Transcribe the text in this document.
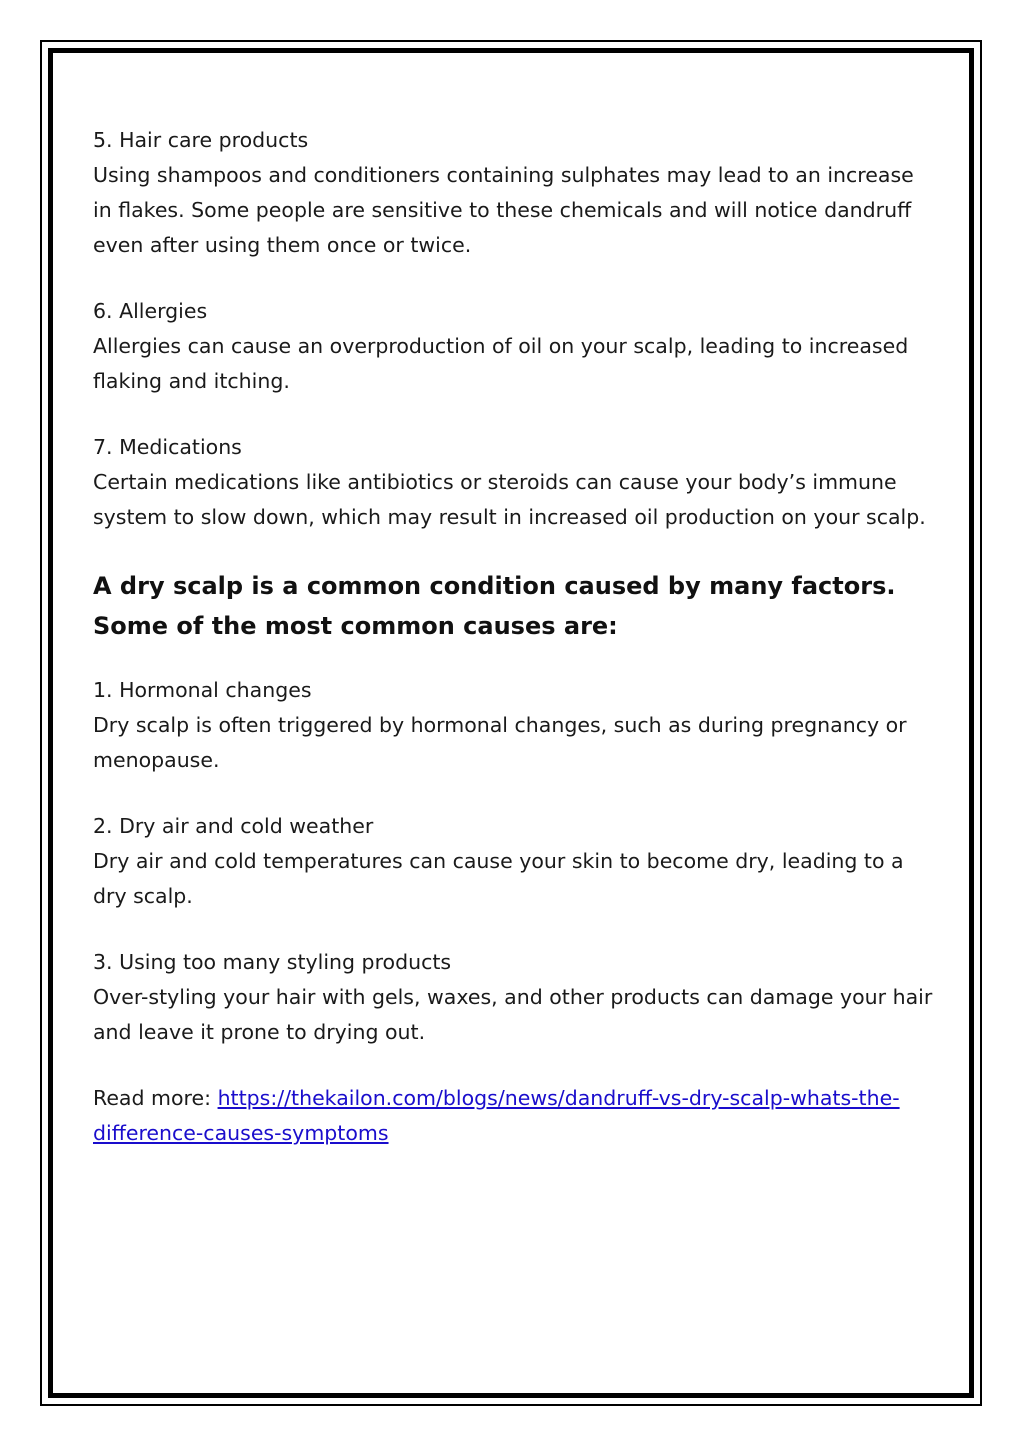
5. Hair care products

Using shampoos and conditioners containing sulphates may lead to an increase in flakes. Some people are sensitive to these chemicals and will notice dandruff even after using them once or twice.

6. Allergies

Allergies can cause an overproduction of oil on your scalp, leading to increased flaking and itching.

7. Medications

Certain medications like antibiotics or steroids can cause your body’s immune system to slow down, which may result in increased oil production on your scalp.

A dry scalp is a common condition caused by many factors. Some of the most common causes are:

1. Hormonal changes

Dry scalp is often triggered by hormonal changes, such as during pregnancy or menopause.

2. Dry air and cold weather

Dry air and cold temperatures can cause your skin to become dry, leading to a dry scalp.

3. Using too many styling products

Over-styling your hair with gels, waxes, and other products can damage your hair and leave it prone to drying out.

Read more: https://thekailon.com/blogs/news/dandruff-vs-dry-scalp-whats-the-difference-causes-symptoms
